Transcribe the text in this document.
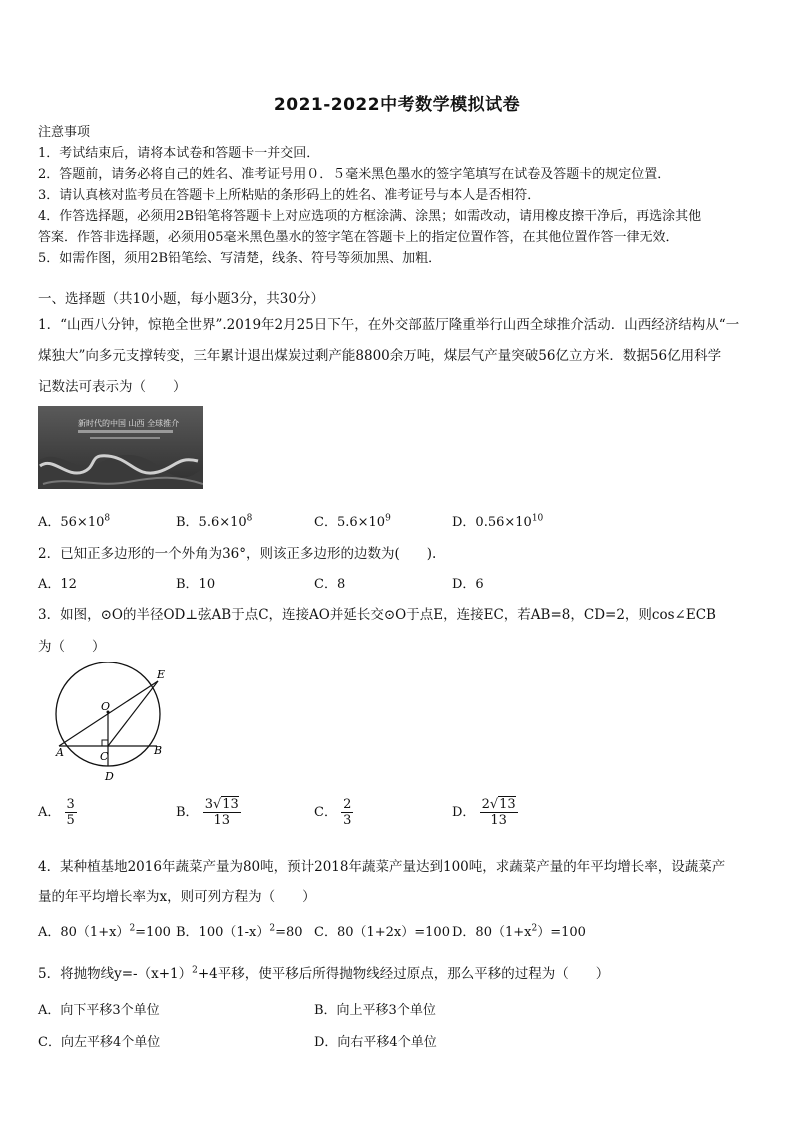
2021-2022中考数学模拟试卷
注意事项
1．考试结束后，请将本试卷和答题卡一并交回．
2．答题前，请务必将自己的姓名、准考证号用０．５毫米黑色墨水的签字笔填写在试卷及答题卡的规定位置．
3．请认真核对监考员在答题卡上所粘贴的条形码上的姓名、准考证号与本人是否相符．
4．作答选择题，必须用2B铅笔将答题卡上对应选项的方框涂满、涂黑；如需改动，请用橡皮擦干净后，再选涂其他
答案．作答非选择题，必须用05毫米黑色墨水的签字笔在答题卡上的指定位置作答，在其他位置作答一律无效．
5．如需作图，须用2B铅笔绘、写清楚，线条、符号等须加黑、加粗．
一、选择题（共10小题，每小题3分，共30分）
1．“山西八分钟，惊艳全世界”.2019年2月25日下午，在外交部蓝厅隆重举行山西全球推介活动．山西经济结构从“一
煤独大”向多元支撑转变，三年累计退出煤炭过剩产能8800余万吨，煤层气产量突破56亿立方米．数据56亿用科学
记数法可表示为（　　）
新时代的中国 山西 全球推介
A．$56\times 10^8$	B．$5.6\times 10^8$	C．$5.6\times 10^9$	D．$0.56\times 10^{10}$
2．已知正多边形的一个外角为36°，则该正多边形的边数为(　　).
A．12	B．10	C．8	D．6
3．如图，⊙O的半径OD⊥弦AB于点C，连接AO并延长交⊙O于点E，连接EC，若AB=8，CD=2，则cos∠ECB
为（　　）
E
O
A	C	B
D
A． $\frac{3}{5}$	B． $\frac{3√13}{13}$	C． $\frac{2}{3}$	D． $\frac{2√13}{13}$
4．某种植基地2016年蔬菜产量为80吨，预计2018年蔬菜产量达到100吨，求蔬菜产量的年平均增长率，设蔬菜产
量的年平均增长率为x，则可列方程为（　　）
A．$80(1+x)^2=100$ B．$100(1-x)^2=80$ C．80（1+2x）=100 D．$80(1+x^2)=100$
5．将抛物线$y=-(x+1)^2+4$平移，使平移后所得抛物线经过原点，那么平移的过程为（　　）
A．向下平移3个单位	B．向上平移3个单位
C．向左平移4个单位	D．向右平移4个单位
